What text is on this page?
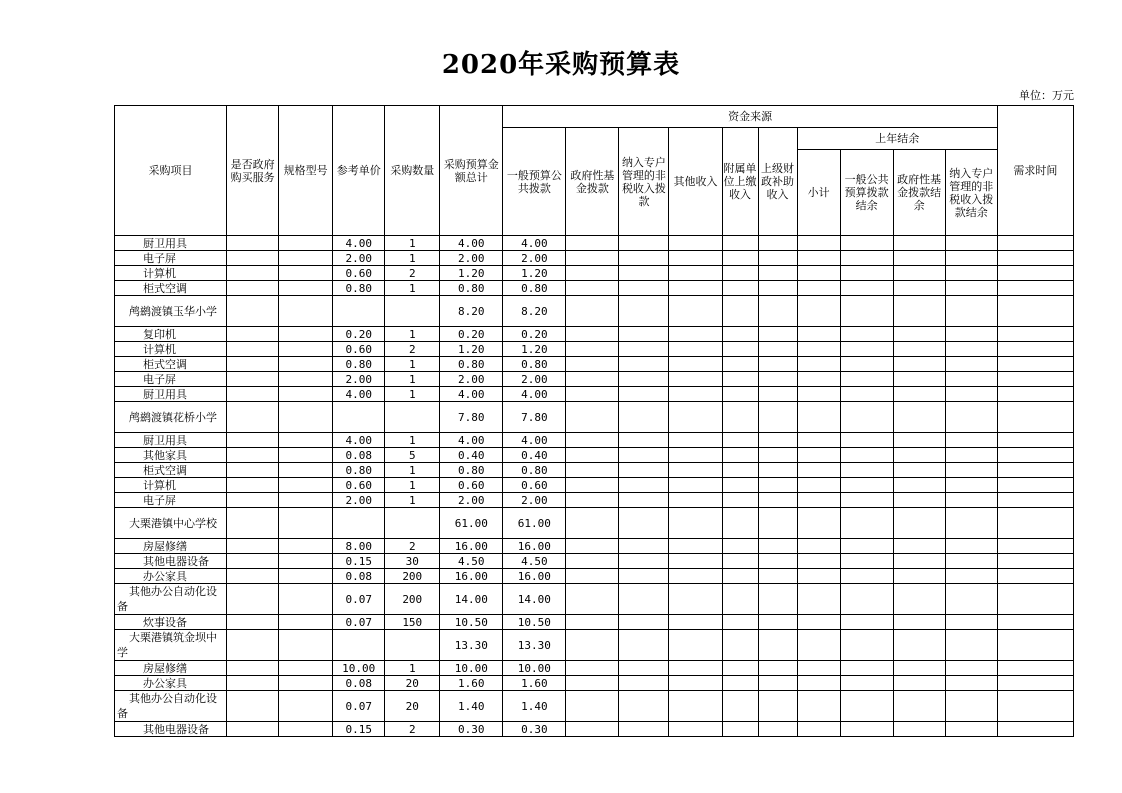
2020年采购预算表
单位：万元
采购项目	是否政府购买服务	规格型号	参考单价	采购数量	采购预算金额总计	资金来源										需求时间
						一般预算公共拨款	政府性基金拨款	纳入专户管理的非税收入拨款	其他收入	附属单位上缴收入	上级财政补助收入	上年结余				
												小计	一般公共预算拨款结余	政府性基金拨款结余	纳入专户管理的非税收入拨款结余	
厨卫用具			4.00	1	4.00	4.00										
电子屏			2.00	1	2.00	2.00										
计算机			0.60	2	1.20	1.20										
柜式空调			0.80	1	0.80	0.80										
鸬鹚渡镇玉华小学					8.20	8.20										
复印机			0.20	1	0.20	0.20										
计算机			0.60	2	1.20	1.20										
柜式空调			0.80	1	0.80	0.80										
电子屏			2.00	1	2.00	2.00										
厨卫用具			4.00	1	4.00	4.00										
鸬鹚渡镇花桥小学					7.80	7.80										
厨卫用具			4.00	1	4.00	4.00										
其他家具			0.08	5	0.40	0.40										
柜式空调			0.80	1	0.80	0.80										
计算机			0.60	1	0.60	0.60										
电子屏			2.00	1	2.00	2.00										
大栗港镇中心学校					61.00	61.00										
房屋修缮			8.00	2	16.00	16.00										
其他电器设备			0.15	30	4.50	4.50										
办公家具			0.08	200	16.00	16.00										
其他办公自动化设备			0.07	200	14.00	14.00										
炊事设备			0.07	150	10.50	10.50										
大栗港镇筑金坝中学					13.30	13.30										
房屋修缮			10.00	1	10.00	10.00										
办公家具			0.08	20	1.60	1.60										
其他办公自动化设备			0.07	20	1.40	1.40										
其他电器设备			0.15	2	0.30	0.30										
